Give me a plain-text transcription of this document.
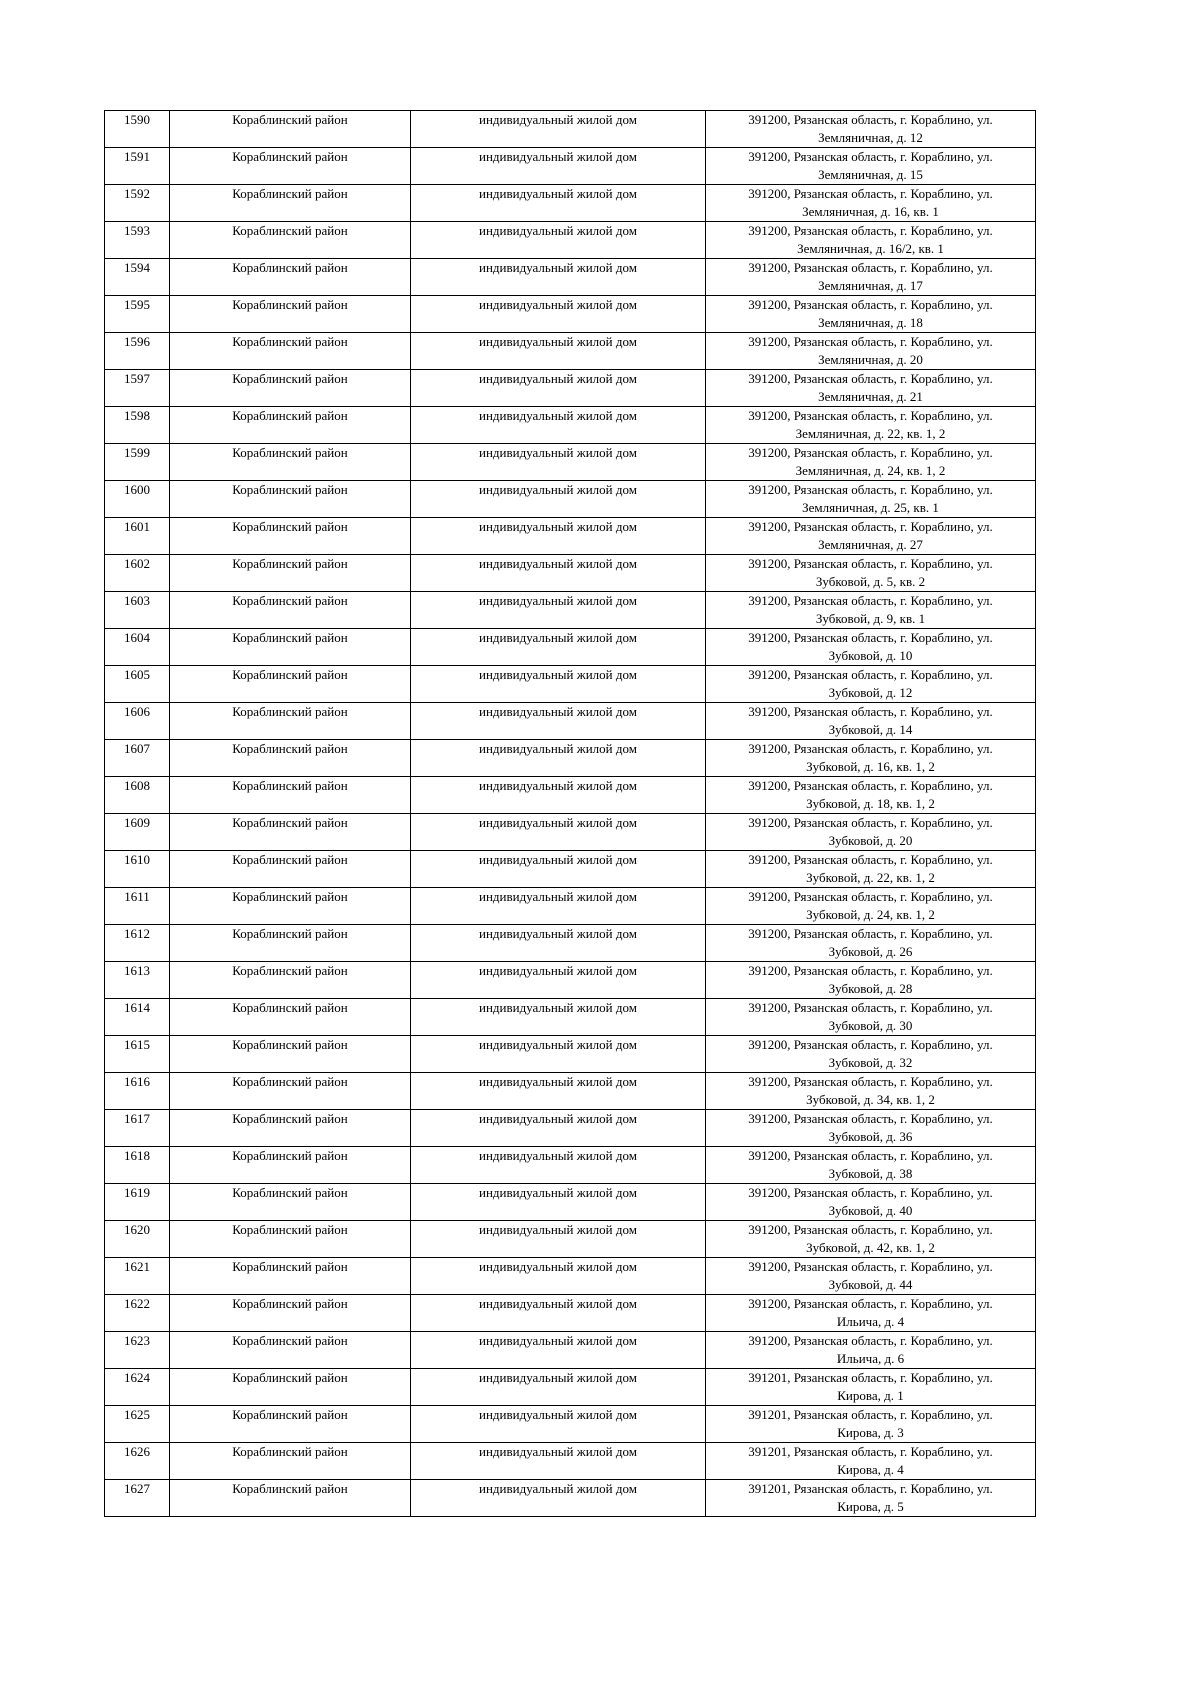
1590	Кораблинский район	индивидуальный жилой дом	391200, Рязанская область, г. Кораблино, ул.
Земляничная, д. 12

1591	Кораблинский район	индивидуальный жилой дом	391200, Рязанская область, г. Кораблино, ул.
Земляничная, д. 15

1592	Кораблинский район	индивидуальный жилой дом	391200, Рязанская область, г. Кораблино, ул.
Земляничная, д. 16, кв. 1

1593	Кораблинский район	индивидуальный жилой дом	391200, Рязанская область, г. Кораблино, ул.
Земляничная, д. 16/2, кв. 1

1594	Кораблинский район	индивидуальный жилой дом	391200, Рязанская область, г. Кораблино, ул.
Земляничная, д. 17

1595	Кораблинский район	индивидуальный жилой дом	391200, Рязанская область, г. Кораблино, ул.
Земляничная, д. 18

1596	Кораблинский район	индивидуальный жилой дом	391200, Рязанская область, г. Кораблино, ул.
Земляничная, д. 20

1597	Кораблинский район	индивидуальный жилой дом	391200, Рязанская область, г. Кораблино, ул.
Земляничная, д. 21

1598	Кораблинский район	индивидуальный жилой дом	391200, Рязанская область, г. Кораблино, ул.
Земляничная, д. 22, кв. 1, 2

1599	Кораблинский район	индивидуальный жилой дом	391200, Рязанская область, г. Кораблино, ул.
Земляничная, д. 24, кв. 1, 2

1600	Кораблинский район	индивидуальный жилой дом	391200, Рязанская область, г. Кораблино, ул.
Земляничная, д. 25, кв. 1

1601	Кораблинский район	индивидуальный жилой дом	391200, Рязанская область, г. Кораблино, ул.
Земляничная, д. 27

1602	Кораблинский район	индивидуальный жилой дом	391200, Рязанская область, г. Кораблино, ул.
Зубковой, д. 5, кв. 2

1603	Кораблинский район	индивидуальный жилой дом	391200, Рязанская область, г. Кораблино, ул.
Зубковой, д. 9, кв. 1

1604	Кораблинский район	индивидуальный жилой дом	391200, Рязанская область, г. Кораблино, ул.
Зубковой, д. 10

1605	Кораблинский район	индивидуальный жилой дом	391200, Рязанская область, г. Кораблино, ул.
Зубковой, д. 12

1606	Кораблинский район	индивидуальный жилой дом	391200, Рязанская область, г. Кораблино, ул.
Зубковой, д. 14

1607	Кораблинский район	индивидуальный жилой дом	391200, Рязанская область, г. Кораблино, ул.
Зубковой, д. 16, кв. 1, 2

1608	Кораблинский район	индивидуальный жилой дом	391200, Рязанская область, г. Кораблино, ул.
Зубковой, д. 18, кв. 1, 2

1609	Кораблинский район	индивидуальный жилой дом	391200, Рязанская область, г. Кораблино, ул.
Зубковой, д. 20

1610	Кораблинский район	индивидуальный жилой дом	391200, Рязанская область, г. Кораблино, ул.
Зубковой, д. 22, кв. 1, 2

1611	Кораблинский район	индивидуальный жилой дом	391200, Рязанская область, г. Кораблино, ул.
Зубковой, д. 24, кв. 1, 2

1612	Кораблинский район	индивидуальный жилой дом	391200, Рязанская область, г. Кораблино, ул.
Зубковой, д. 26

1613	Кораблинский район	индивидуальный жилой дом	391200, Рязанская область, г. Кораблино, ул.
Зубковой, д. 28

1614	Кораблинский район	индивидуальный жилой дом	391200, Рязанская область, г. Кораблино, ул.
Зубковой, д. 30

1615	Кораблинский район	индивидуальный жилой дом	391200, Рязанская область, г. Кораблино, ул.
Зубковой, д. 32

1616	Кораблинский район	индивидуальный жилой дом	391200, Рязанская область, г. Кораблино, ул.
Зубковой, д. 34, кв. 1, 2

1617	Кораблинский район	индивидуальный жилой дом	391200, Рязанская область, г. Кораблино, ул.
Зубковой, д. 36

1618	Кораблинский район	индивидуальный жилой дом	391200, Рязанская область, г. Кораблино, ул.
Зубковой, д. 38

1619	Кораблинский район	индивидуальный жилой дом	391200, Рязанская область, г. Кораблино, ул.
Зубковой, д. 40

1620	Кораблинский район	индивидуальный жилой дом	391200, Рязанская область, г. Кораблино, ул.
Зубковой, д. 42, кв. 1, 2

1621	Кораблинский район	индивидуальный жилой дом	391200, Рязанская область, г. Кораблино, ул.
Зубковой, д. 44

1622	Кораблинский район	индивидуальный жилой дом	391200, Рязанская область, г. Кораблино, ул.
Ильича, д. 4

1623	Кораблинский район	индивидуальный жилой дом	391200, Рязанская область, г. Кораблино, ул.
Ильича, д. 6

1624	Кораблинский район	индивидуальный жилой дом	391201, Рязанская область, г. Кораблино, ул.
Кирова, д. 1

1625	Кораблинский район	индивидуальный жилой дом	391201, Рязанская область, г. Кораблино, ул.
Кирова, д. 3

1626	Кораблинский район	индивидуальный жилой дом	391201, Рязанская область, г. Кораблино, ул.
Кирова, д. 4

1627	Кораблинский район	индивидуальный жилой дом	391201, Рязанская область, г. Кораблино, ул.
Кирова, д. 5
